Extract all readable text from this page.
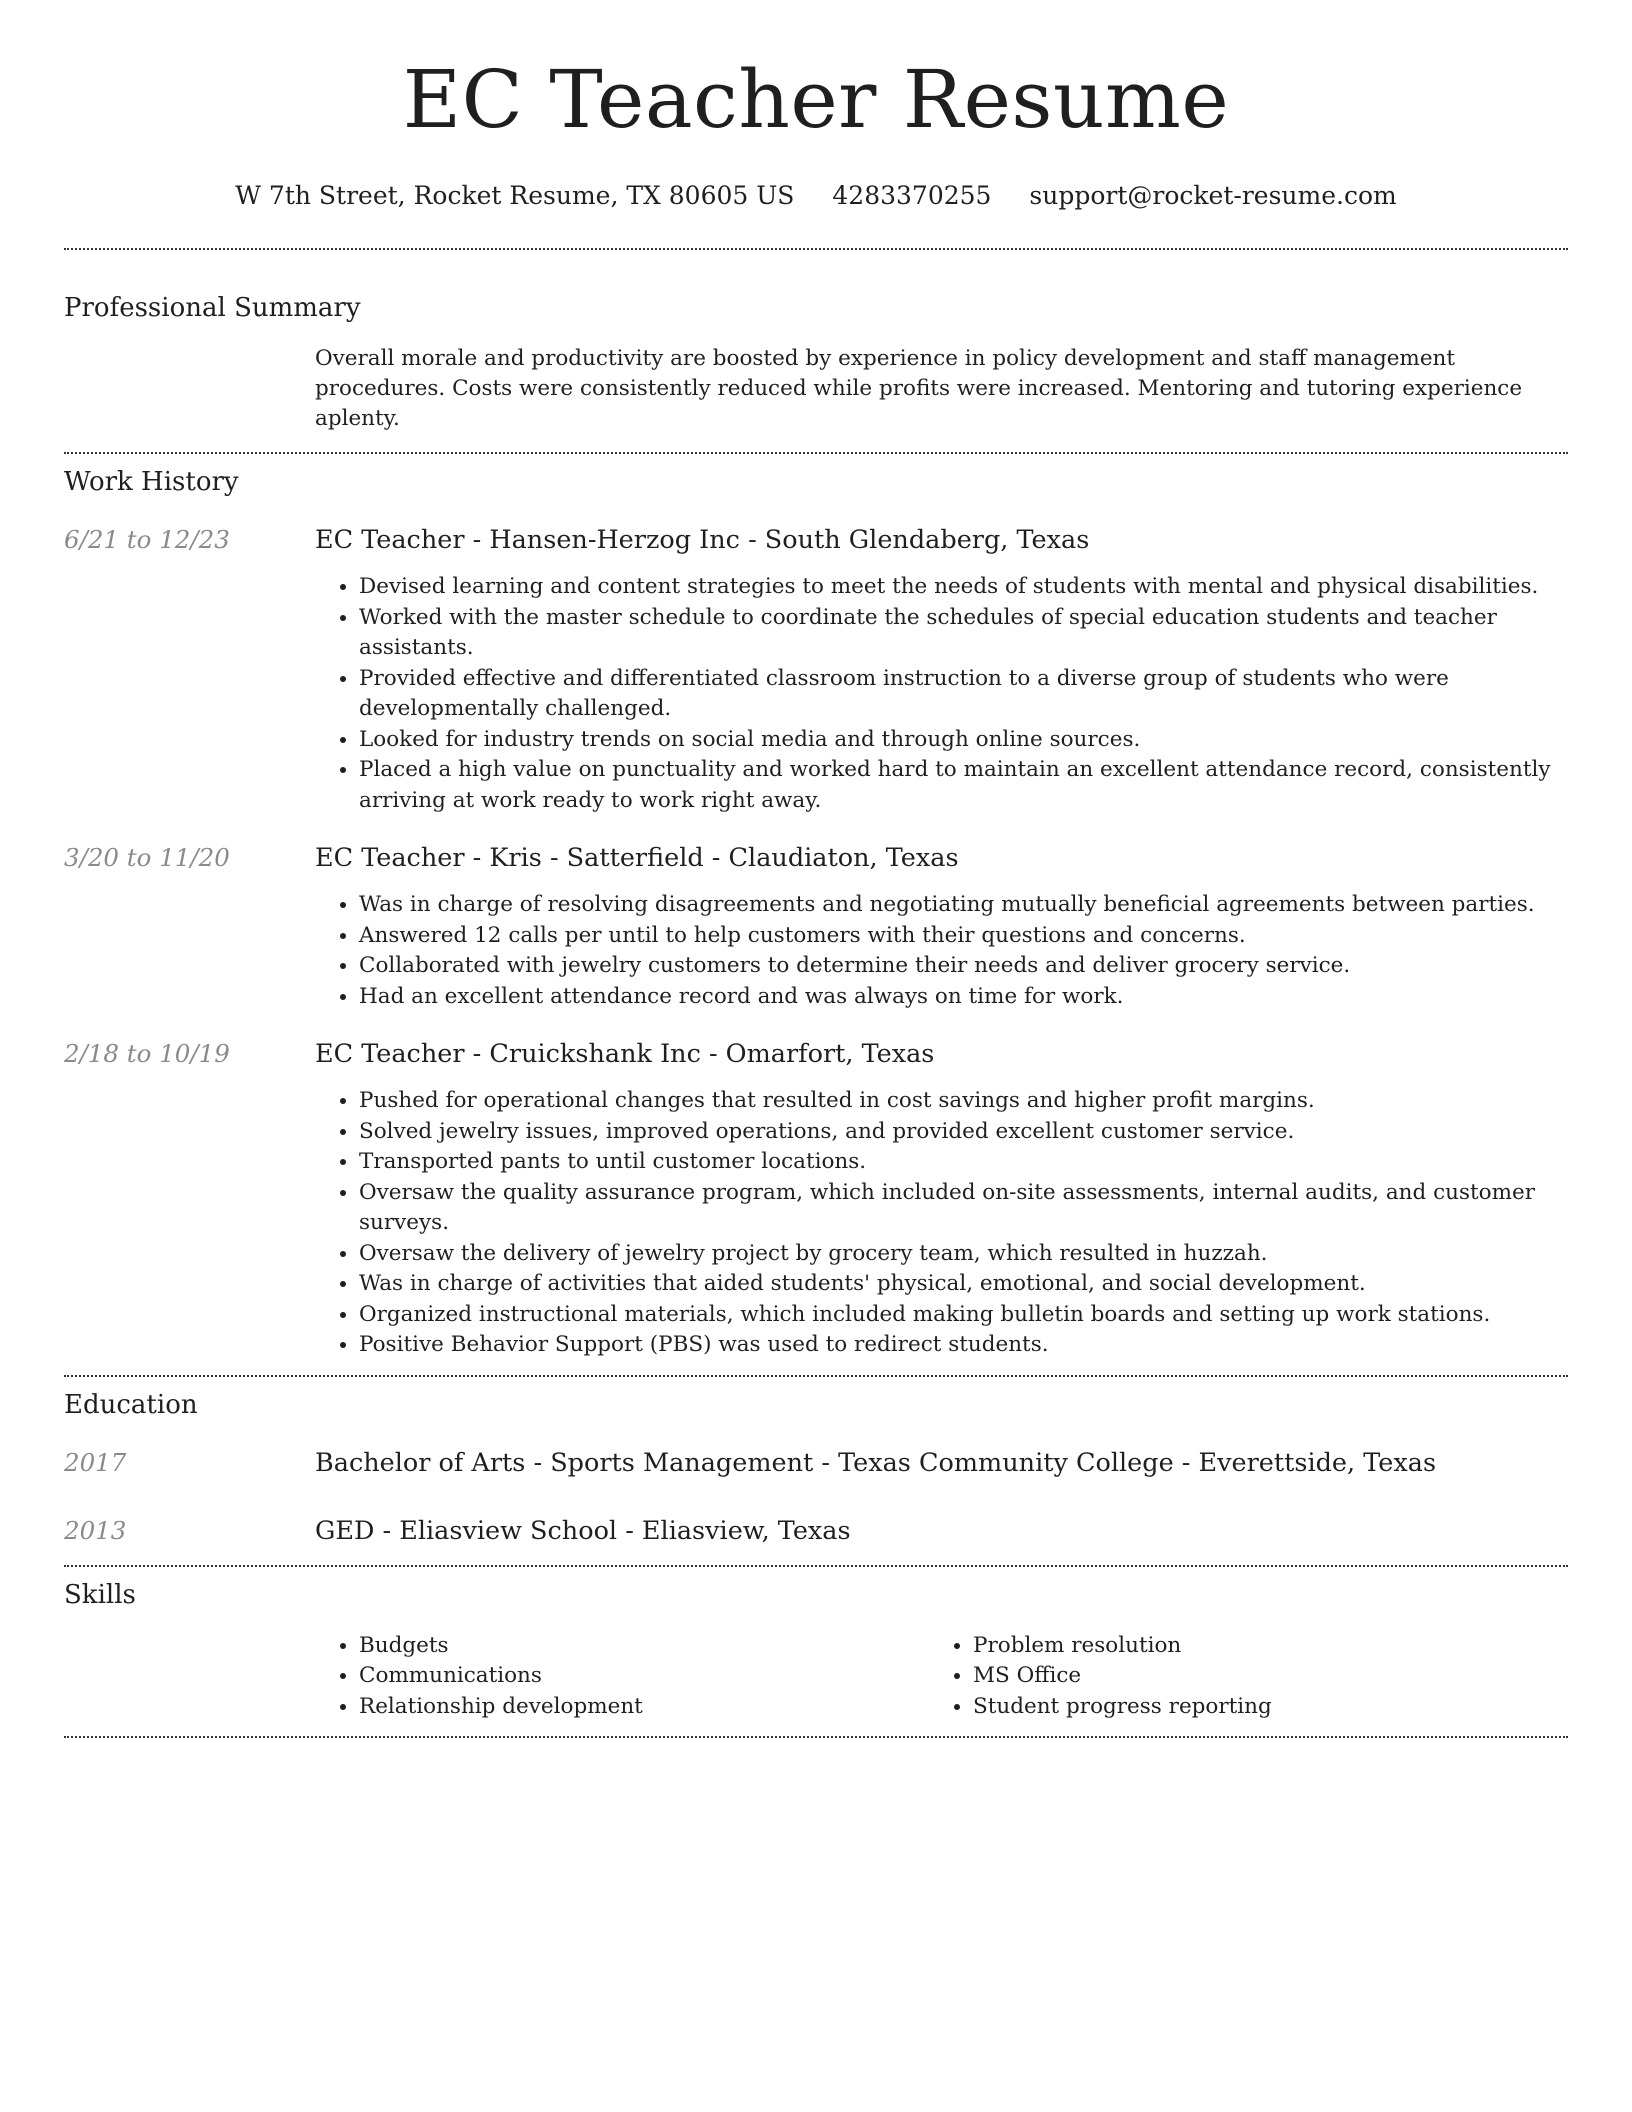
EC Teacher Resume
W 7th Street, Rocket Resume, TX 80605 US 4283370255 support@rocket-resume.com
Professional Summary
Overall morale and productivity are boosted by experience in policy development and staff management procedures. Costs were consistently reduced while profits were increased. Mentoring and tutoring experience aplenty.
Work History
6/21 to 12/23	EC Teacher - Hansen-Herzog Inc - South Glendaberg, Texas
• Devised learning and content strategies to meet the needs of students with mental and physical disabilities.
• Worked with the master schedule to coordinate the schedules of special education students and teacher assistants.
• Provided effective and differentiated classroom instruction to a diverse group of students who were developmentally challenged.
• Looked for industry trends on social media and through online sources.
• Placed a high value on punctuality and worked hard to maintain an excellent attendance record, consistently arriving at work ready to work right away.
3/20 to 11/20	EC Teacher - Kris - Satterfield - Claudiaton, Texas
• Was in charge of resolving disagreements and negotiating mutually beneficial agreements between parties.
• Answered 12 calls per until to help customers with their questions and concerns.
• Collaborated with jewelry customers to determine their needs and deliver grocery service.
• Had an excellent attendance record and was always on time for work.
2/18 to 10/19	EC Teacher - Cruickshank Inc - Omarfort, Texas
• Pushed for operational changes that resulted in cost savings and higher profit margins.
• Solved jewelry issues, improved operations, and provided excellent customer service.
• Transported pants to until customer locations.
• Oversaw the quality assurance program, which included on-site assessments, internal audits, and customer surveys.
• Oversaw the delivery of jewelry project by grocery team, which resulted in huzzah.
• Was in charge of activities that aided students' physical, emotional, and social development.
• Organized instructional materials, which included making bulletin boards and setting up work stations.
• Positive Behavior Support (PBS) was used to redirect students.
Education
2017	Bachelor of Arts - Sports Management - Texas Community College - Everettside, Texas
2013	GED - Eliasview School - Eliasview, Texas
Skills
• Budgets
• Communications
• Relationship development
• Problem resolution
• MS Office
• Student progress reporting
